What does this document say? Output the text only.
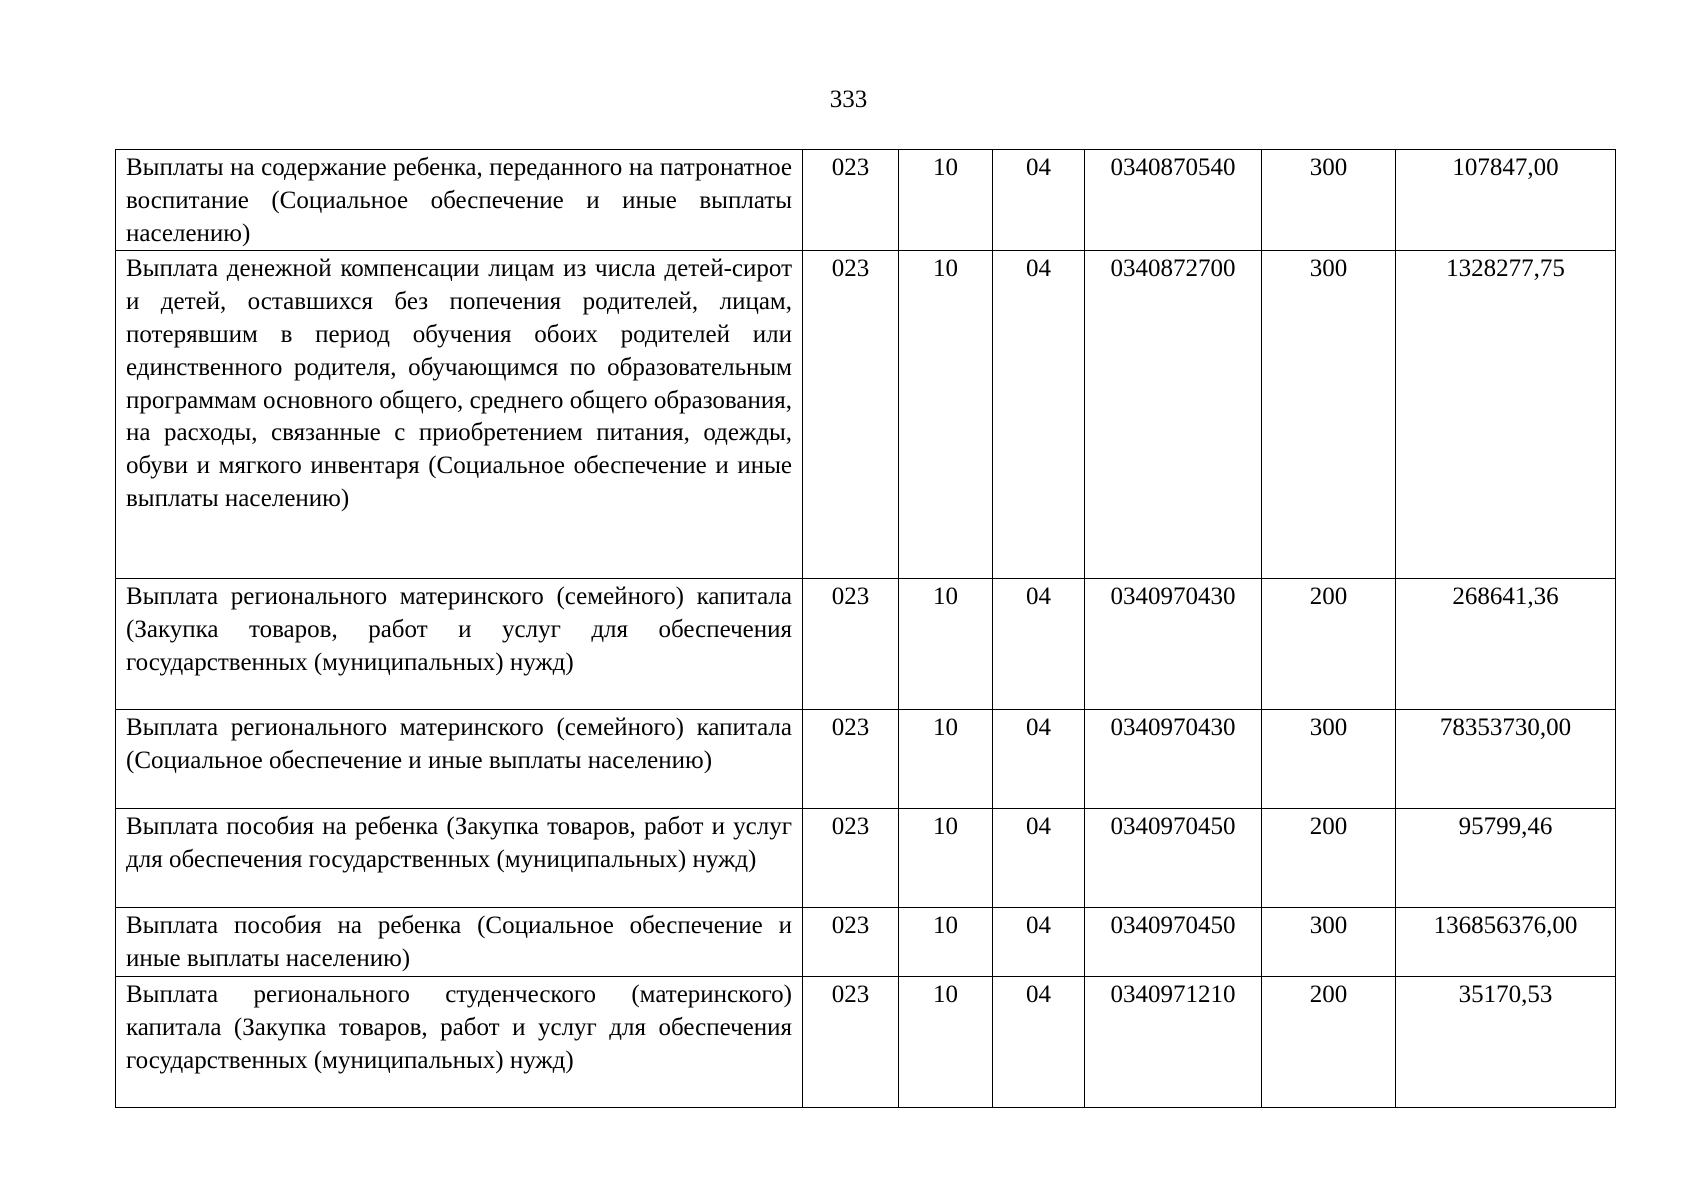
333
Выплаты на содержание ребенка, переданного на патронатное воспитание (Социальное обеспечение и иные выплаты населению)	023	10	04	0340870540	300	107847,00
Выплата денежной компенсации лицам из числа детей-сирот и детей, оставшихся без попечения родителей, лицам, потерявшим в период обучения обоих родителей или единственного родителя, обучающимся по образовательным программам основного общего, среднего общего образования, на расходы, связанные с приобретением питания, одежды, обуви и мягкого инвентаря (Социальное обеспечение и иные выплаты населению)	023	10	04	0340872700	300	1328277,75
Выплата регионального материнского (семейного) капитала (Закупка товаров, работ и услуг для обеспечения государственных (муниципальных) нужд)	023	10	04	0340970430	200	268641,36
Выплата регионального материнского (семейного) капитала (Социальное обеспечение и иные выплаты населению)	023	10	04	0340970430	300	78353730,00
Выплата пособия на ребенка (Закупка товаров, работ и услуг для обеспечения государственных (муниципальных) нужд)	023	10	04	0340970450	200	95799,46
Выплата пособия на ребенка (Социальное обеспечение и иные выплаты населению)	023	10	04	0340970450	300	136856376,00
Выплата регионального студенческого (материнского) капитала (Закупка товаров, работ и услуг для обеспечения государственных (муниципальных) нужд)	023	10	04	0340971210	200	35170,53
